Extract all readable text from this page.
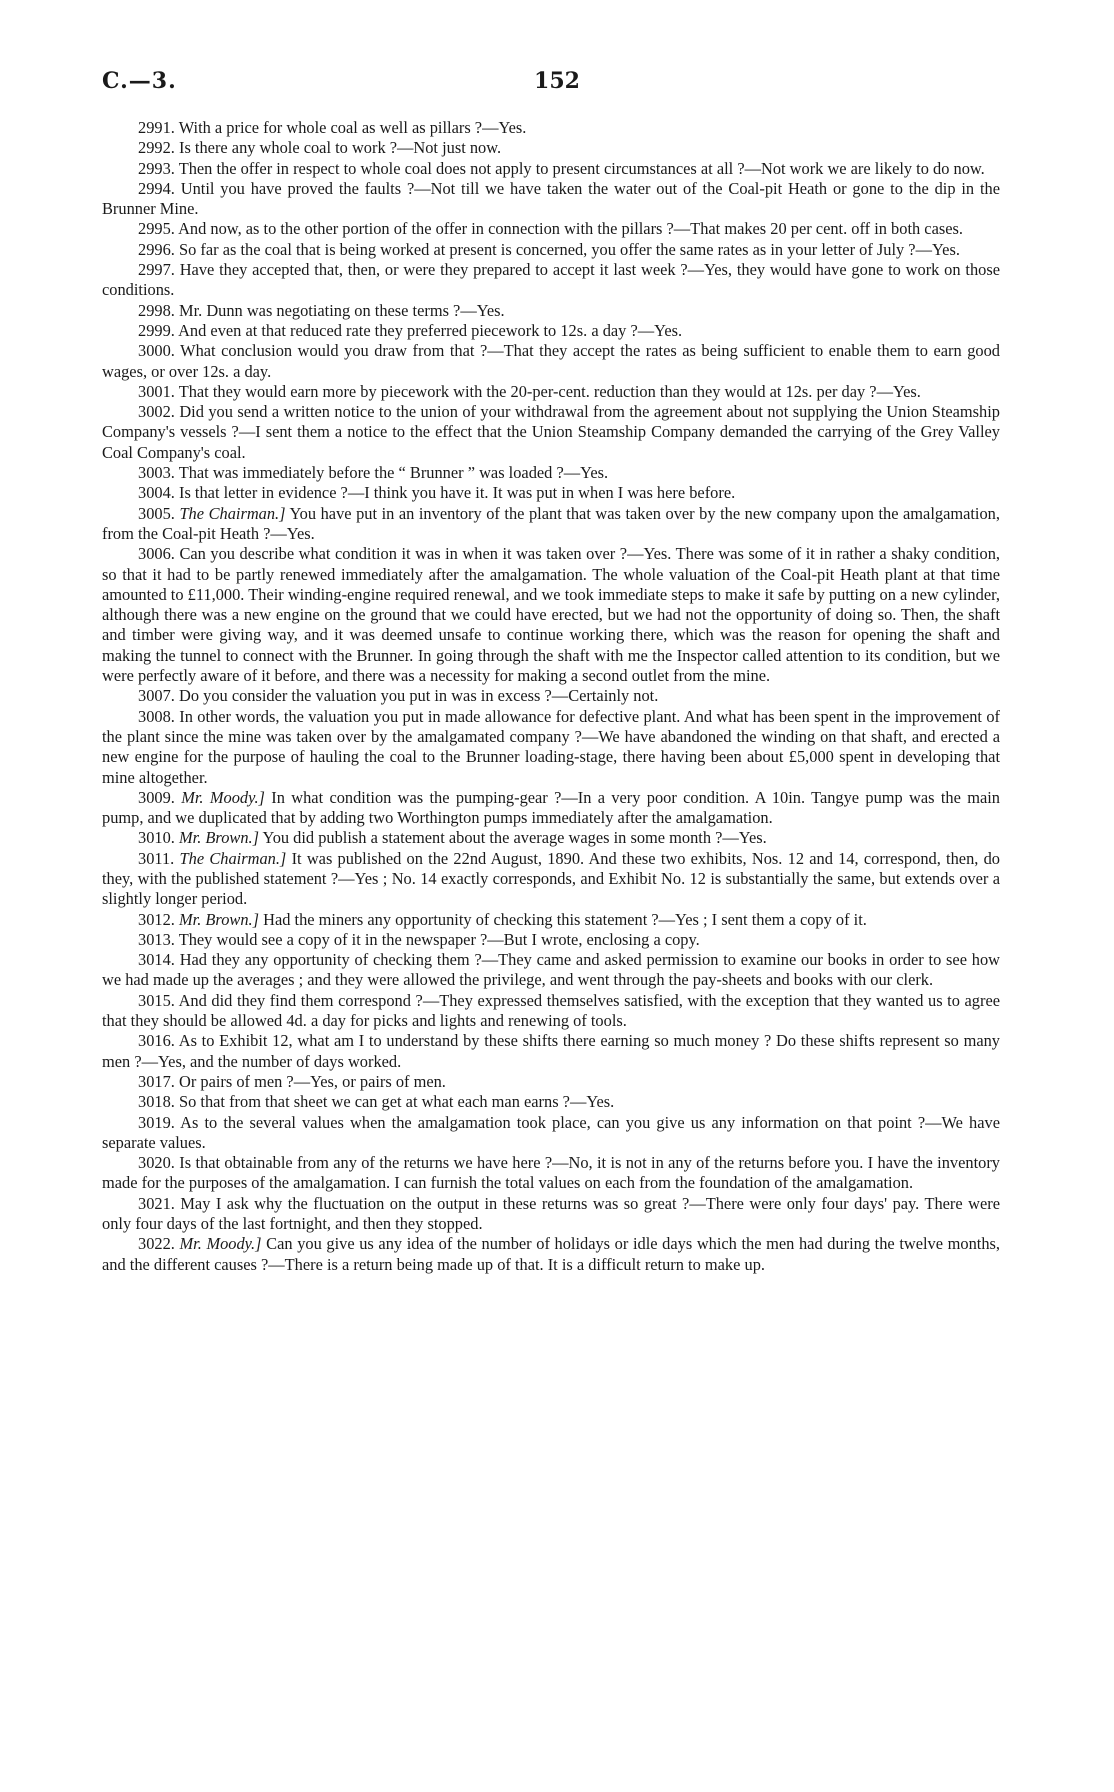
C.—3.	152

2991. With a price for whole coal as well as pillars ?—Yes.

2992. Is there any whole coal to work ?—Not just now.

2993. Then the offer in respect to whole coal does not apply to present circumstances at all ?—Not work we are likely to do now.

2994. Until you have proved the faults ?—Not till we have taken the water out of the Coal-pit Heath or gone to the dip in the Brunner Mine.

2995. And now, as to the other portion of the offer in connection with the pillars ?—That makes 20 per cent. off in both cases.

2996. So far as the coal that is being worked at present is concerned, you offer the same rates as in your letter of July ?—Yes.

2997. Have they accepted that, then, or were they prepared to accept it last week ?—Yes, they would have gone to work on those conditions.

2998. Mr. Dunn was negotiating on these terms ?—Yes.

2999. And even at that reduced rate they preferred piecework to 12s. a day ?—Yes.

3000. What conclusion would you draw from that ?—That they accept the rates as being sufficient to enable them to earn good wages, or over 12s. a day.

3001. That they would earn more by piecework with the 20-per-cent. reduction than they would at 12s. per day ?—Yes.

3002. Did you send a written notice to the union of your withdrawal from the agreement about not supplying the Union Steamship Company's vessels ?—I sent them a notice to the effect that the Union Steamship Company demanded the carrying of the Grey Valley Coal Company's coal.

3003. That was immediately before the “ Brunner ” was loaded ?—Yes.

3004. Is that letter in evidence ?—I think you have it. It was put in when I was here before.

3005. The Chairman.] You have put in an inventory of the plant that was taken over by the new company upon the amalgamation, from the Coal-pit Heath ?—Yes.

3006. Can you describe what condition it was in when it was taken over ?—Yes. There was some of it in rather a shaky condition, so that it had to be partly renewed immediately after the amalgamation. The whole valuation of the Coal-pit Heath plant at that time amounted to £11,000. Their winding-engine required renewal, and we took immediate steps to make it safe by putting on a new cylinder, although there was a new engine on the ground that we could have erected, but we had not the opportunity of doing so. Then, the shaft and timber were giving way, and it was deemed unsafe to continue working there, which was the reason for opening the shaft and making the tunnel to connect with the Brunner. In going through the shaft with me the Inspector called attention to its condition, but we were perfectly aware of it before, and there was a necessity for making a second outlet from the mine.

3007. Do you consider the valuation you put in was in excess ?—Certainly not.

3008. In other words, the valuation you put in made allowance for defective plant. And what has been spent in the improvement of the plant since the mine was taken over by the amalgamated company ?—We have abandoned the winding on that shaft, and erected a new engine for the purpose of hauling the coal to the Brunner loading-stage, there having been about £5,000 spent in developing that mine altogether.

3009. Mr. Moody.] In what condition was the pumping-gear ?—In a very poor condition. A 10in. Tangye pump was the main pump, and we duplicated that by adding two Worthington pumps immediately after the amalgamation.

3010. Mr. Brown.] You did publish a statement about the average wages in some month ?—Yes.

3011. The Chairman.] It was published on the 22nd August, 1890. And these two exhibits, Nos. 12 and 14, correspond, then, do they, with the published statement ?—Yes ; No. 14 exactly corresponds, and Exhibit No. 12 is substantially the same, but extends over a slightly longer period.

3012. Mr. Brown.] Had the miners any opportunity of checking this statement ?—Yes ; I sent them a copy of it.

3013. They would see a copy of it in the newspaper ?—But I wrote, enclosing a copy.

3014. Had they any opportunity of checking them ?—They came and asked permission to examine our books in order to see how we had made up the averages ; and they were allowed the privilege, and went through the pay-sheets and books with our clerk.

3015. And did they find them correspond ?—They expressed themselves satisfied, with the exception that they wanted us to agree that they should be allowed 4d. a day for picks and lights and renewing of tools.

3016. As to Exhibit 12, what am I to understand by these shifts there earning so much money ? Do these shifts represent so many men ?—Yes, and the number of days worked.

3017. Or pairs of men ?—Yes, or pairs of men.

3018. So that from that sheet we can get at what each man earns ?—Yes.

3019. As to the several values when the amalgamation took place, can you give us any information on that point ?—We have separate values.

3020. Is that obtainable from any of the returns we have here ?—No, it is not in any of the returns before you. I have the inventory made for the purposes of the amalgamation. I can furnish the total values on each from the foundation of the amalgamation.

3021. May I ask why the fluctuation on the output in these returns was so great ?—There were only four days' pay. There were only four days of the last fortnight, and then they stopped.

3022. Mr. Moody.] Can you give us any idea of the number of holidays or idle days which the men had during the twelve months, and the different causes ?—There is a return being made up of that. It is a difficult return to make up.
